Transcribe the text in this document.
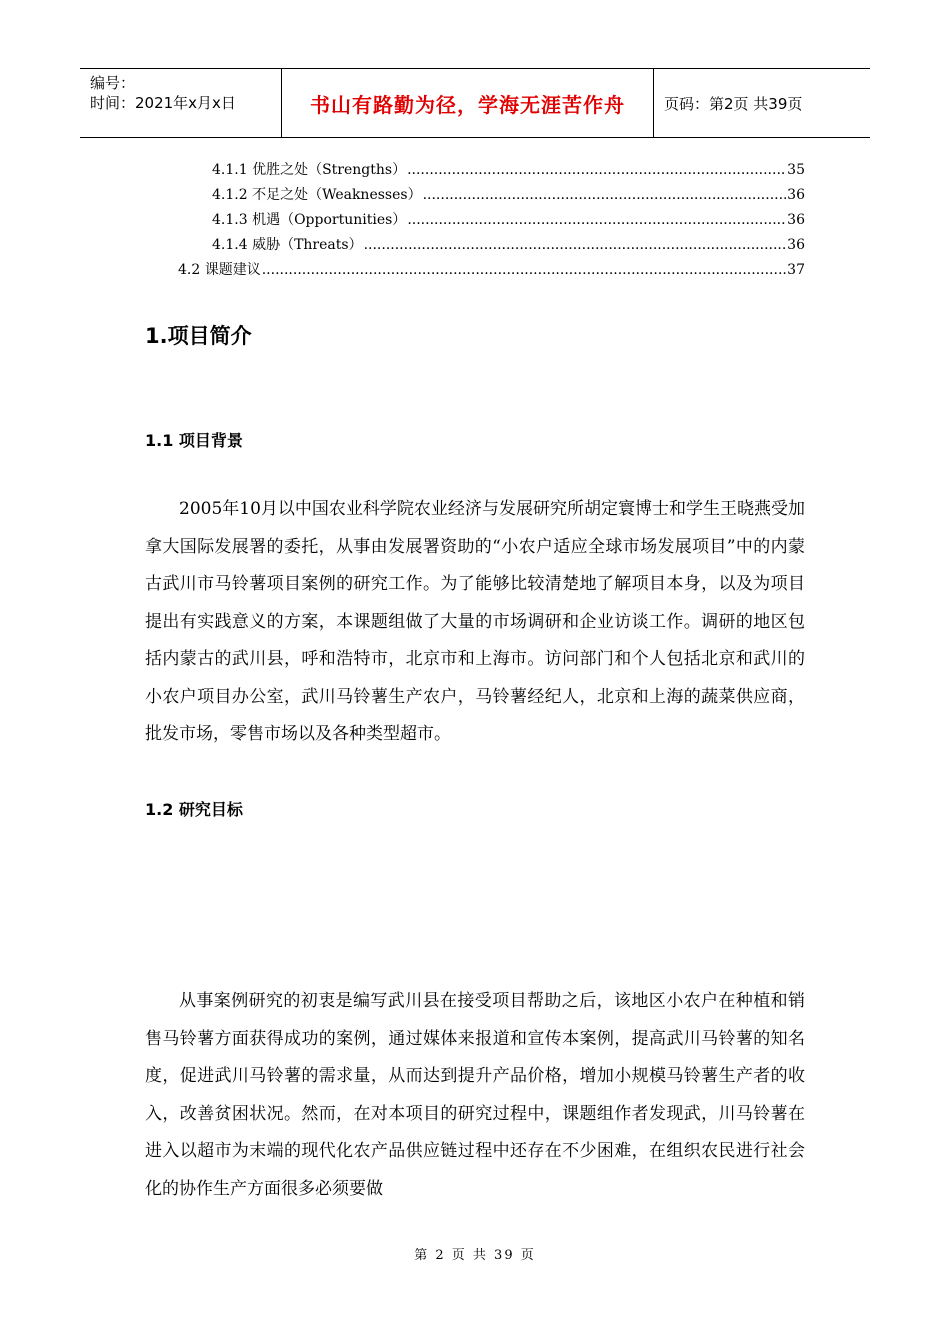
编号：
时间：2021年x月x日	书山有路勤为径，学海无涯苦作舟	页码：第2页 共39页
4.1.1 优胜之处（Strengths） .....	35
4.1.2 不足之处（Weaknesses） .....	36
4.1.3 机遇（Opportunities） .....	36
4.1.4 威胁（Threats） .....	36
4.2 课题建议 .....	37
1.项目简介
1.1 项目背景

2005年10月以中国农业科学院农业经济与发展研究所胡定寰博士和学生王晓燕受加拿大国际发展署的委托，从事由发展署资助的“小农户适应全球市场发展项目”中的内蒙古武川市马铃薯项目案例的研究工作。为了能够比较清楚地了解项目本身，以及为项目提出有实践意义的方案，本课题组做了大量的市场调研和企业访谈工作。调研的地区包括内蒙古的武川县，呼和浩特市，北京市和上海市。访问部门和个人包括北京和武川的小农户项目办公室，武川马铃薯生产农户，马铃薯经纪人，北京和上海的蔬菜供应商，批发市场，零售市场以及各种类型超市。

1.2 研究目标

从事案例研究的初衷是编写武川县在接受项目帮助之后，该地区小农户在种植和销售马铃薯方面获得成功的案例，通过媒体来报道和宣传本案例，提高武川马铃薯的知名度，促进武川马铃薯的需求量，从而达到提升产品价格，增加小规模马铃薯生产者的收入，改善贫困状况。然而，在对本项目的研究过程中，课题组作者发现武，川马铃薯在进入以超市为末端的现代化农产品供应链过程中还存在不少困难，在组织农民进行社会化的协作生产方面很多必须要做

第 2 页 共 39 页
